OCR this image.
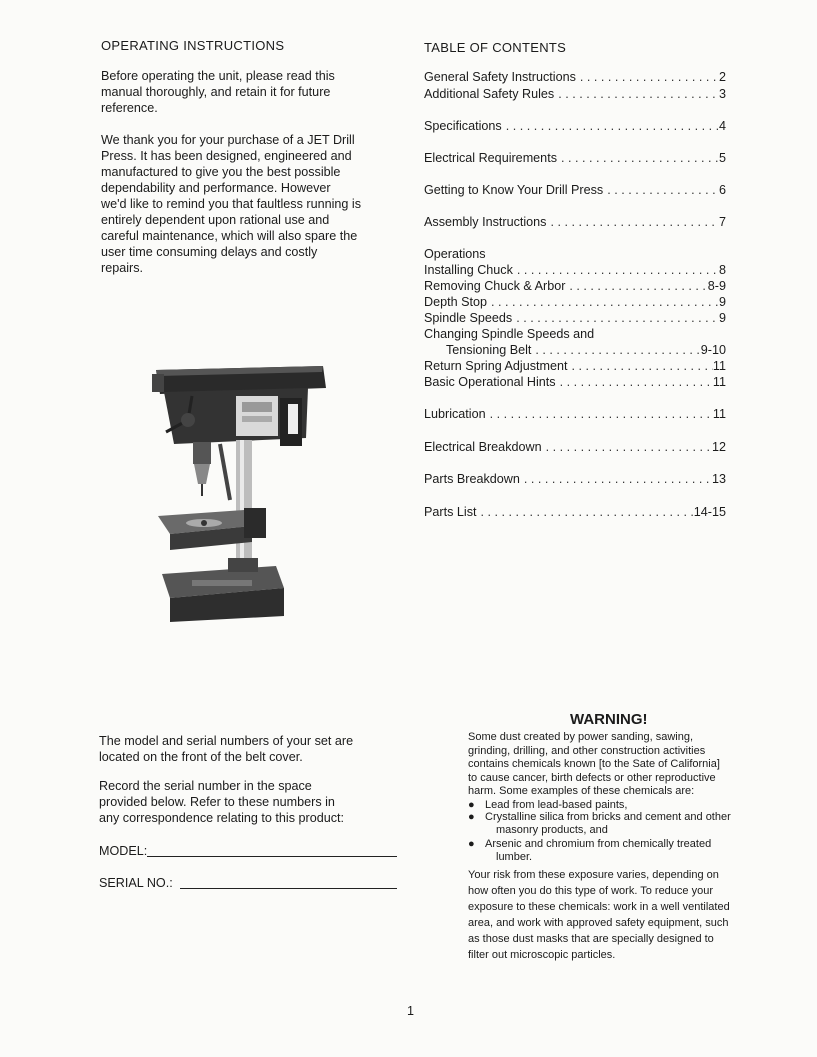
OPERATING INSTRUCTIONS
Before operating the unit, please read this
manual thoroughly, and retain it for future
reference.
We thank you for your purchase of a JET Drill
Press. It has been designed, engineered and
manufactured to give you the best possible
dependability and performance. However
we'd like to remind you that faultless running is
entirely dependent upon rational use and
careful maintenance, which will also spare the
user time consuming delays and costly
repairs.
TABLE OF CONTENTS
General Safety Instructions . . .	2
Additional Safety Rules . . .	3
Specifications . . .	4
Electrical Requirements . . .	5
Getting to Know Your Drill Press . . .	6
Assembly Instructions . . .	7
Operations
Installing Chuck . . .	8
Removing Chuck & Arbor . . .	8-9
Depth Stop . . .	9
Spindle Speeds . . .	9
Changing Spindle Speeds and
Tensioning Belt . . .	9-10
Return Spring Adjustment . . .	11
Basic Operational Hints . . .	11
Lubrication . . .	11
Electrical Breakdown . . .	12
Parts Breakdown . . .	13
Parts List . . .	14-15
The model and serial numbers of your set are
located on the front of the belt cover.
Record the serial number in the space
provided below. Refer to these numbers in
any correspondence relating to this product:
MODEL:
SERIAL NO.:
WARNING!
Some dust created by power sanding, sawing,
grinding, drilling, and other construction activities
contains chemicals known [to the Sate of California]
to cause cancer, birth defects or other reproductive
harm. Some examples of these chemicals are:
● Lead from lead-based paints,
● Crystalline silica from bricks and cement and other
masonry products, and
● Arsenic and chromium from chemically treated
lumber.
Your risk from these exposure varies, depending on
how often you do this type of work. To reduce your
exposure to these chemicals: work in a well ventilated
area, and work with approved safety equipment, such
as those dust masks that are specially designed to
filter out microscopic particles.
1
